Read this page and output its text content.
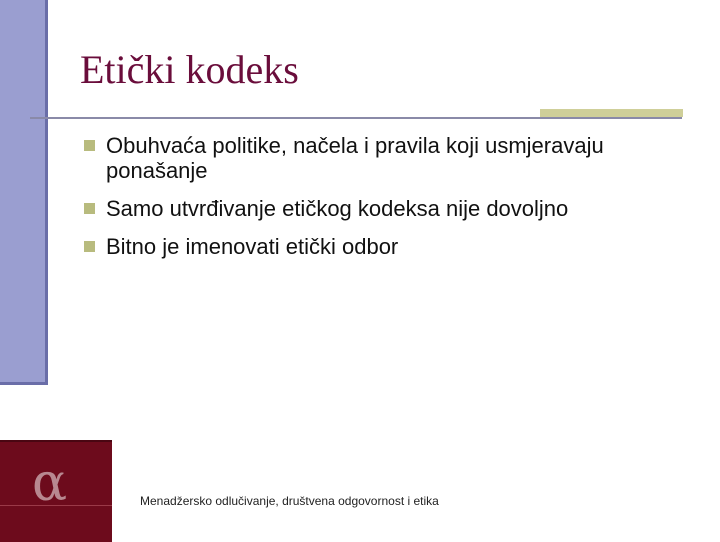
Etički kodeks
Obuhvaća politike, načela i pravila koji usmjeravaju ponašanje
Samo utvrđivanje etičkog kodeksa nije dovoljno
Bitno je imenovati etički odbor
α	Menadžersko odlučivanje, društvena odgovornost i etika
